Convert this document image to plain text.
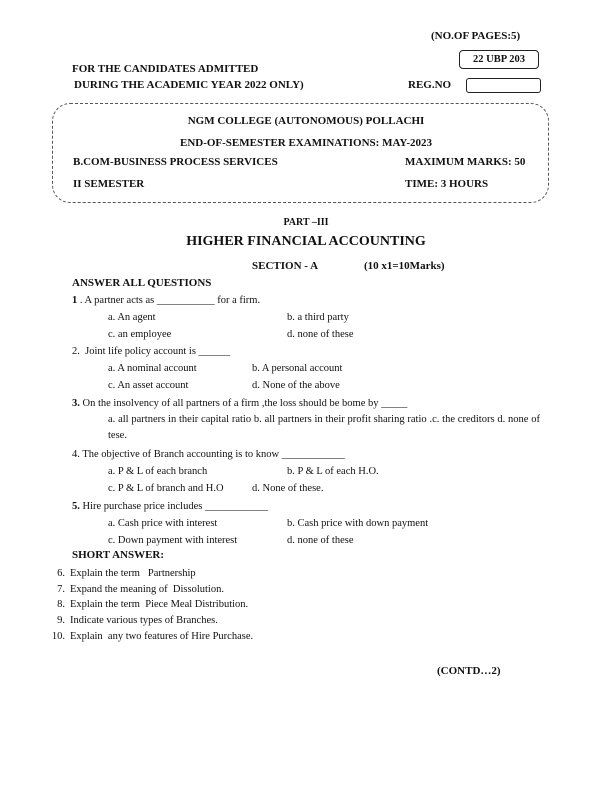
(NO.OF PAGES:5)
22 UBP 203
FOR THE CANDIDATES ADMITTED
DURING THE ACADEMIC YEAR 2022 ONLY)	REG.NO
NGM COLLEGE (AUTONOMOUS) POLLACHI
END-OF-SEMESTER EXAMINATIONS: MAY-2023
B.COM-BUSINESS PROCESS SERVICES	MAXIMUM MARKS: 50
II SEMESTER	TIME: 3 HOURS
PART –III
HIGHER FINANCIAL ACCOUNTING
SECTION - A	(10 x1=10Marks)
ANSWER ALL QUESTIONS
1 . A partner acts as ___________ for a firm.
a. An agent	b. a third party
c. an employee	d. none of these
2. Joint life policy account is ______
a. A nominal account	b. A personal account
c. An asset account	d. None of the above
3. On the insolvency of all partners of a firm ,the loss should be bome by _____
a. all partners in their capital ratio b. all partners in their profit sharing ratio .c. the creditors d. none of tese.
4. The objective of Branch accounting is to know ____________
a. P & L of each branch	b. P & L of each H.O.
c. P & L of branch and H.O	d. None of these.
5. Hire purchase price includes ____________
a. Cash price with interest	b. Cash price with down payment
c. Down payment with interest	d. none of these
SHORT ANSWER:
6. Explain the term   Partnership
7. Expand the meaning of  Dissolution.
8. Explain the term  Piece Meal Distribution.
9. Indicate various types of Branches.
10. Explain  any two features of Hire Purchase.
(CONTD…2)
